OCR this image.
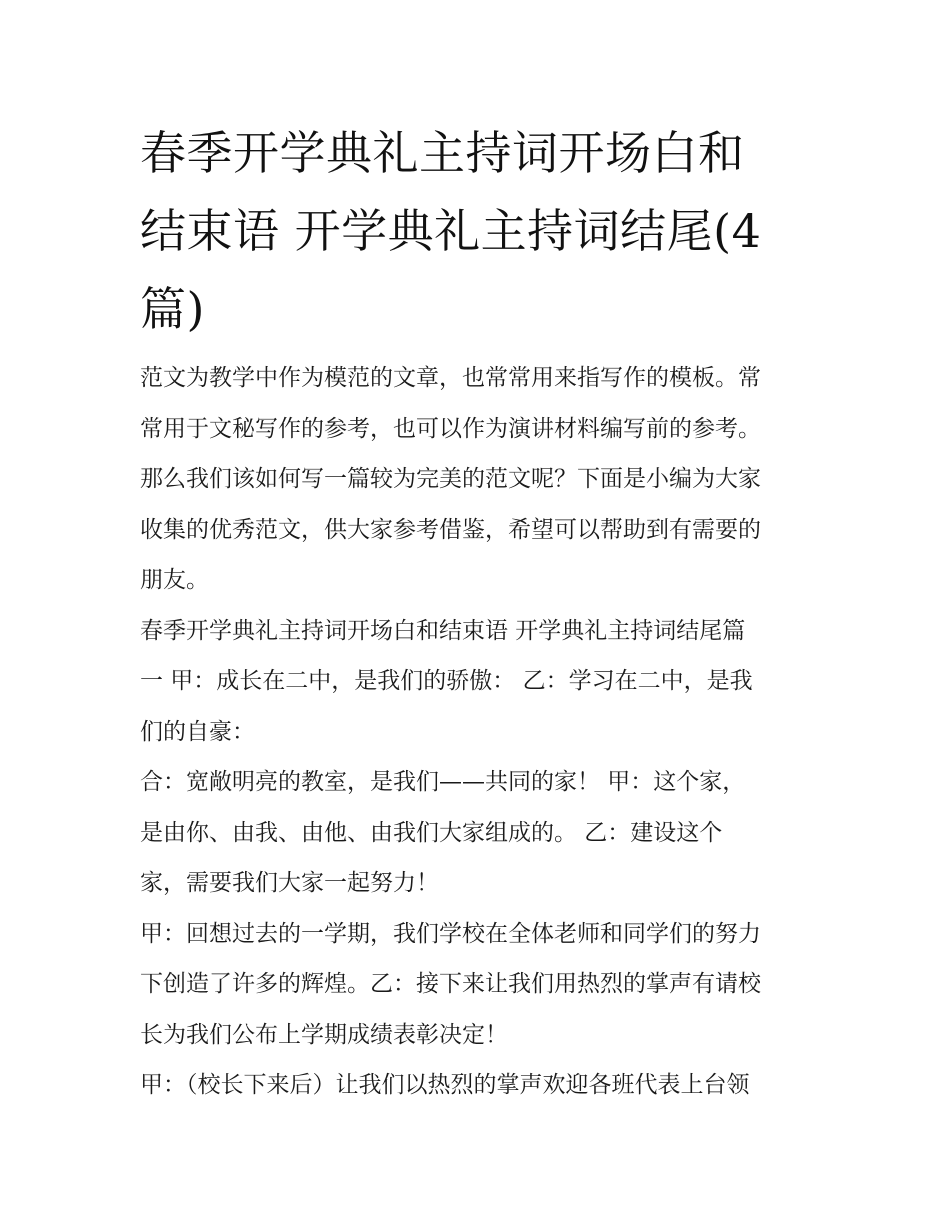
春季开学典礼主持词开场白和
结束语 开学典礼主持词结尾(4
篇)

范文为教学中作为模范的文章，也常常用来指写作的模板。常
常用于文秘写作的参考，也可以作为演讲材料编写前的参考。
那么我们该如何写一篇较为完美的范文呢？下面是小编为大家
收集的优秀范文，供大家参考借鉴，希望可以帮助到有需要的
朋友。

春季开学典礼主持词开场白和结束语 开学典礼主持词结尾篇
一 甲：成长在二中，是我们的骄傲： 乙：学习在二中，是我
们的自豪：

合：宽敞明亮的教室，是我们——共同的家！ 甲：这个家，
是由你、由我、由他、由我们大家组成的。 乙：建设这个
家，需要我们大家一起努力！

甲：回想过去的一学期，我们学校在全体老师和同学们的努力
下创造了许多的辉煌。乙：接下来让我们用热烈的掌声有请校
长为我们公布上学期成绩表彰决定！

甲：（校长下来后）让我们以热烈的掌声欢迎各班代表上台领
